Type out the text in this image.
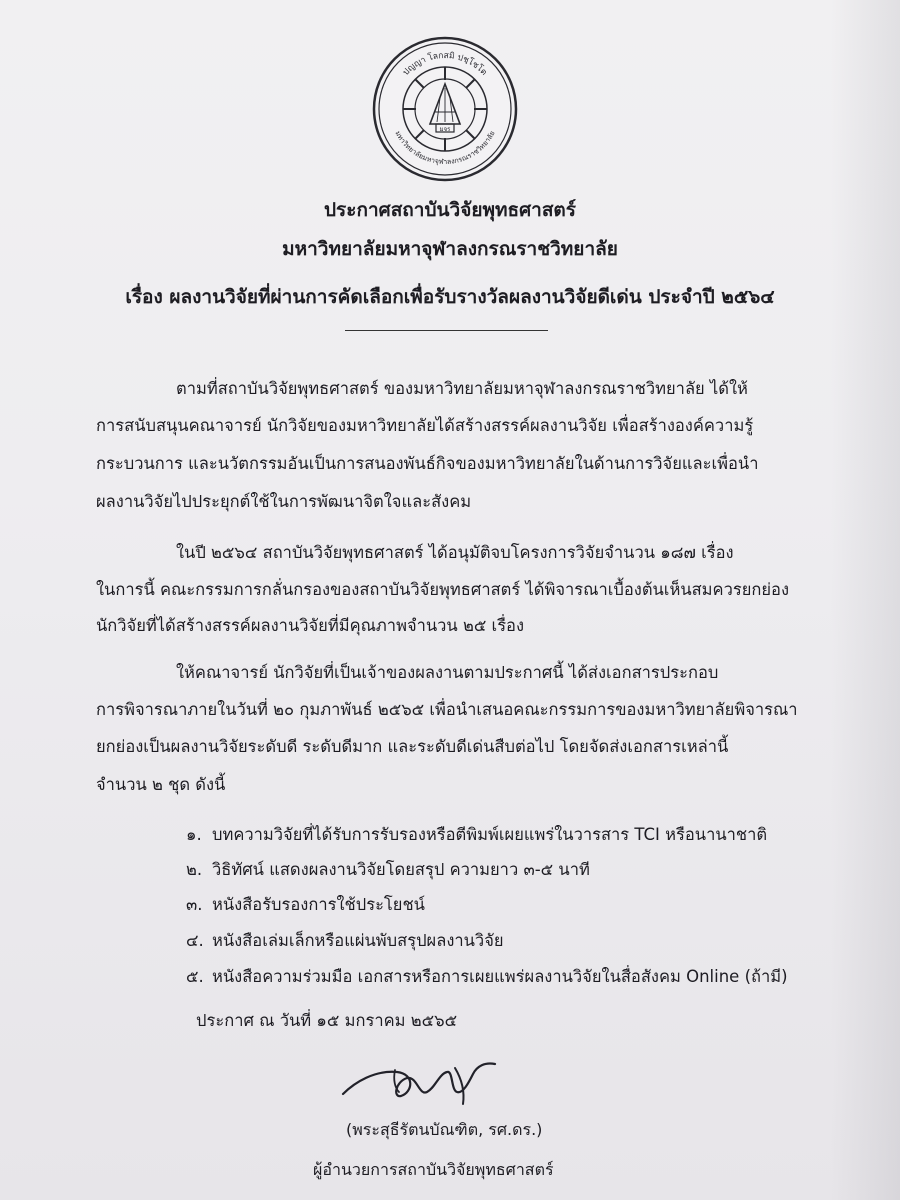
มจร
ปญญา โลกสมิ ปชฺโชโต
มหาวิทยาลัยมหาจุฬาลงกรณราชวิทยาลัย
ประกาศสถาบันวิจัยพุทธศาสตร์
มหาวิทยาลัยมหาจุฬาลงกรณราชวิทยาลัย
เรื่อง ผลงานวิจัยที่ผ่านการคัดเลือกเพื่อรับรางวัลผลงานวิจัยดีเด่น ประจำปี ๒๕๖๔
ตามที่สถาบันวิจัยพุทธศาสตร์ ของมหาวิทยาลัยมหาจุฬาลงกรณราชวิทยาลัย ได้ให้
การสนับสนุนคณาจารย์ นักวิจัยของมหาวิทยาลัยได้สร้างสรรค์ผลงานวิจัย เพื่อสร้างองค์ความรู้
กระบวนการ และนวัตกรรมอันเป็นการสนองพันธ์กิจของมหาวิทยาลัยในด้านการวิจัยและเพื่อนำ
ผลงานวิจัยไปประยุกต์ใช้ในการพัฒนาจิตใจและสังคม
ในปี ๒๕๖๔ สถาบันวิจัยพุทธศาสตร์ ได้อนุมัติจบโครงการวิจัยจำนวน ๑๘๗ เรื่อง
ในการนี้ คณะกรรมการกลั่นกรองของสถาบันวิจัยพุทธศาสตร์ ได้พิจารณาเบื้องต้นเห็นสมควรยกย่อง
นักวิจัยที่ได้สร้างสรรค์ผลงานวิจัยที่มีคุณภาพจำนวน ๒๕ เรื่อง
ให้คณาจารย์ นักวิจัยที่เป็นเจ้าของผลงานตามประกาศนี้ ได้ส่งเอกสารประกอบ
การพิจารณาภายในวันที่ ๒๐ กุมภาพันธ์ ๒๕๖๕ เพื่อนำเสนอคณะกรรมการของมหาวิทยาลัยพิจารณา
ยกย่องเป็นผลงานวิจัยระดับดี ระดับดีมาก และระดับดีเด่นสืบต่อไป โดยจัดส่งเอกสารเหล่านี้
จำนวน ๒ ชุด ดังนี้
๑. บทความวิจัยที่ได้รับการรับรองหรือตีพิมพ์เผยแพร่ในวารสาร TCI หรือนานาชาติ
๒. วิธิทัศน์ แสดงผลงานวิจัยโดยสรุป ความยาว ๓-๕ นาที
๓. หนังสือรับรองการใช้ประโยชน์
๔. หนังสือเล่มเล็กหรือแผ่นพับสรุปผลงานวิจัย
๕. หนังสือความร่วมมือ เอกสารหรือการเผยแพร่ผลงานวิจัยในสื่อสังคม Online (ถ้ามี)
ประกาศ ณ วันที่ ๑๕ มกราคม ๒๕๖๕
(พระสุธีรัตนบัณฑิต, รศ.ดร.)
ผู้อำนวยการสถาบันวิจัยพุทธศาสตร์
